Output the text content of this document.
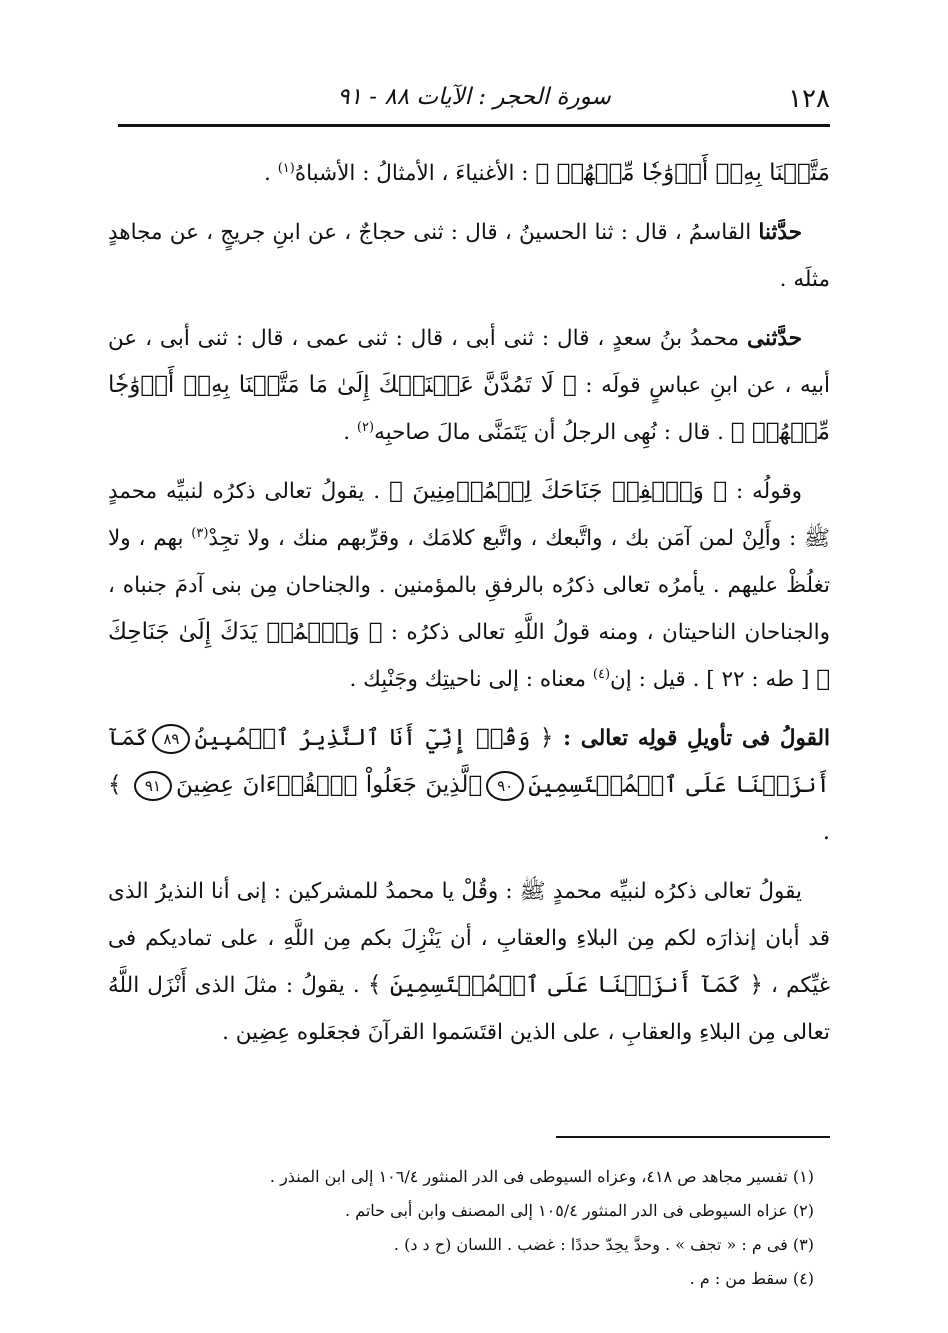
١٢٨
سورة الحجر : الآيات ٨٨ - ٩١

مَتَّعۡنَا بِهِۦٓ أَزۡوَٰجٗا مِّنۡهُمۡ ﴾ : الأغنياءَ ، الأمثالُ : الأشباهُ$^{(١)}$ .

حدَّثنا القاسمُ ، قال : ثنا الحسينُ ، قال : ثنى حجاجٌ ، عن ابنِ جريجٍ ، عن مجاهدٍ مثلَه .

حدَّثنى محمدُ بنُ سعدٍ ، قال : ثنى أبى ، قال : ثنى عمى ، قال : ثنى أبى ، عن أبيه ، عن ابنِ عباسٍ قولَه : ﴿ لَا تَمُدَّنَّ عَيۡنَيۡكَ إِلَىٰ مَا مَتَّعۡنَا بِهِۦٓ أَزۡوَٰجٗا مِّنۡهُمۡ ﴾ . قال : نُهِى الرجلُ أن يَتَمَنَّى مالَ صاحبِه$^{(٢)}$ .

وقولُه : ﴿ وَٱخۡفِضۡ جَنَاحَكَ لِلۡمُؤۡمِنِينَ ﴾ . يقولُ تعالى ذكرُه لنبيِّه محمدٍ ﷺ : وأَلِنْ لمن آمَن بك ، واتَّبعك ، واتَّبع كلامَك ، وقرِّبهم منك ، ولا تجِدْ$^{(٣)}$ بهم ، ولا تغلُظْ عليهم . يأمرُه تعالى ذكرُه بالرفقِ بالمؤمنين . والجناحان مِن بنى آدمَ جنباه ، والجناحان الناحيتان ، ومنه قولُ اللَّهِ تعالى ذكرُه : ﴿ وَٱضۡمُمۡ يَدَكَ إِلَىٰ جَنَاحِكَ ﴾ [ طه : ٢٢ ] . قيل : إن$^{(٤)}$ معناه : إلى ناحيتِك وجَنْبِك .

القولُ فى تأويلِ قولِه تعالى : ﴿ وَقُلۡ إِنِّيٓ أَنَا ٱلنَّذِيرُ ٱلۡمُبِينُ٨٩كَمَآ أَنزَلۡنَا عَلَى ٱلۡمُقۡتَسِمِينَ٩٠ٱلَّذِينَ جَعَلُواْ ٱلۡقُرۡءَانَ عِضِينَ٩١ ﴾ .

يقولُ تعالى ذكرُه لنبيِّه محمدٍ ﷺ : وقُلْ يا محمدُ للمشركين : إنى أنا النذيرُ الذى قد أبان إنذارَه لكم مِن البلاءِ والعقابِ ، أن يَنْزِلَ بكم مِن اللَّهِ ، على تماديكم فى غيِّكم ، ﴿ كَمَآ أَنزَلۡنَا عَلَى ٱلۡمُقۡتَسِمِينَ ﴾ . يقولُ : مثلَ الذى أَنْزَل اللَّهُ تعالى مِن البلاءِ والعقابِ ، على الذين اقتَسَموا القرآنَ فجعَلوه عِضِين .

(١) تفسير مجاهد ص ٤١٨، وعزاه السيوطى فى الدر المنثور ١٠٦/٤ إلى ابن المنذر .
(٢) عزاه السيوطى فى الدر المنثور ١٠٥/٤ إلى المصنف وابن أبى حاتم .
(٣) فى م : « تجف » . وحدَّ يحِدّ حددًا : غضب . اللسان (ح د د) .
(٤) سقط من : م .
